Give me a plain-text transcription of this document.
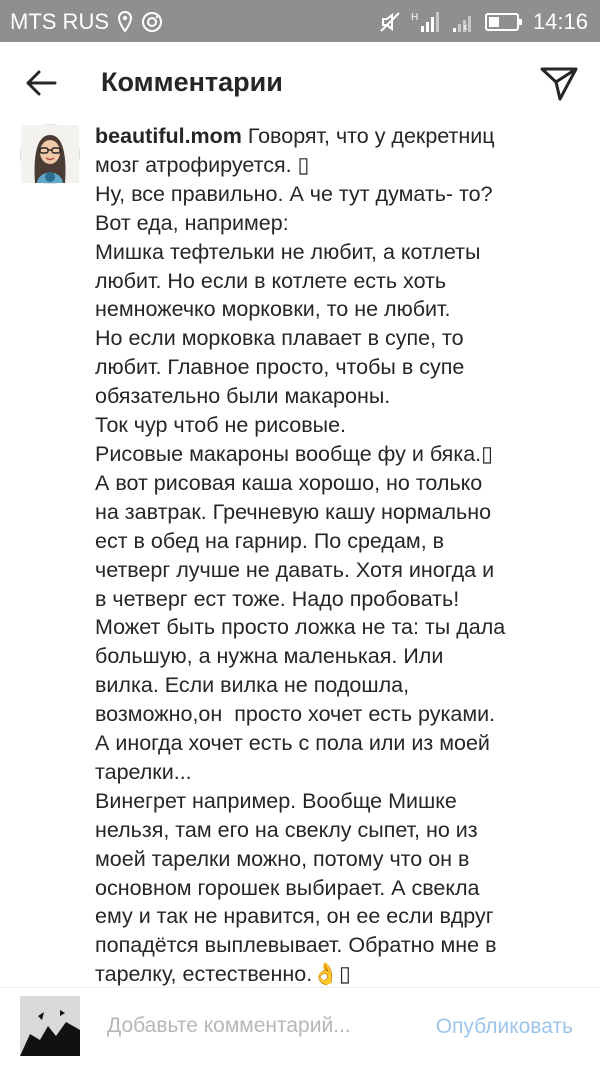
MTS RUS	H
x	14:16
Комментарии
beautiful.mom Говорят, что у декретниц
мозг атрофируется. ▯
Ну, все правильно. А че тут думать- то?
Вот еда, например:
Мишка тефтельки не любит, а котлеты
любит. Но если в котлете есть хоть
немножечко морковки, то не любит.
Но если морковка плавает в супе, то
любит. Главное просто, чтобы в супе
обязательно были макароны.
Ток чур чтоб не рисовые.
Рисовые макароны вообще фу и бяка.▯
А вот рисовая каша хорошо, но только
на завтрак. Гречневую кашу нормально
ест в обед на гарнир. По средам, в
четверг лучше не давать. Хотя иногда и
в четверг ест тоже. Надо пробовать!
Может быть просто ложка не та: ты дала
большую, а нужна маленькая. Или
вилка. Если вилка не подошла,
возможно,он  просто хочет есть руками.
А иногда хочет есть с пола или из моей
тарелки...
Винегрет например. Вообще Мишке
нельзя, там его на свеклу сыпет, но из
моей тарелки можно, потому что он в
основном горошек выбирает. А свекла
ему и так не нравится, он ее если вдруг
попадётся выплевывает. Обратно мне в
тарелку, естественно.👌▯

Добавьте комментарий...
Опубликовать
